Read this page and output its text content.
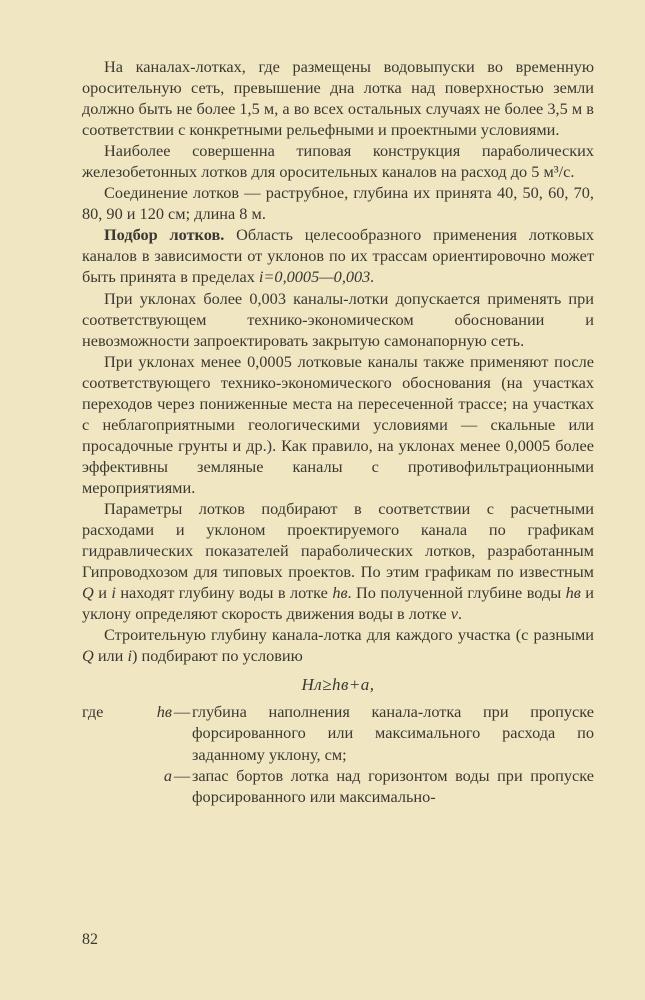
На каналах-лотках, где размещены водовыпуски во временную оросительную сеть, превышение дна лотка над поверхностью земли должно быть не более 1,5 м, а во всех остальных случаях не более 3,5 м в соответствии с конкретными рельефными и проектными условиями.

Наиболее совершенна типовая конструкция параболических железобетонных лотков для оросительных каналов на расход до 5 м³/с.

Соединение лотков — раструбное, глубина их принята 40, 50, 60, 70, 80, 90 и 120 см; длина 8 м.

Подбор лотков. Область целесообразного применения лотковых каналов в зависимости от уклонов по их трассам ориентировочно может быть принята в пределах i=0,0005—0,003.

При уклонах более 0,003 каналы-лотки допускается применять при соответствующем технико-экономическом обосновании и невозможности запроектировать закрытую самонапорную сеть.

При уклонах менее 0,0005 лотковые каналы также применяют после соответствующего технико-экономического обоснования (на участках переходов через пониженные места на пересеченной трассе; на участках с неблагоприятными геологическими условиями — скальные или просадочные грунты и др.). Как правило, на уклонах менее 0,0005 более эффективны земляные каналы с противофильтрационными мероприятиями.

Параметры лотков подбирают в соответствии с расчетными расходами и уклоном проектируемого канала по графикам гидравлических показателей параболических лотков, разработанным Гипроводхозом для типовых проектов. По этим графикам по известным Q и i находят глубину воды в лотке hв. По полученной глубине воды hв и уклону определяют скорость движения воды в лотке v.

Строительную глубину канала-лотка для каждого участка (с разными Q или i) подбирают по условию

Hл≥hв+a,

где	hв — глубина наполнения канала-лотка при пропуске форсированного или максимального расхода по заданному уклону, см;
a — запас бортов лотка над горизонтом воды при пропуске форсированного или максимально-
82
